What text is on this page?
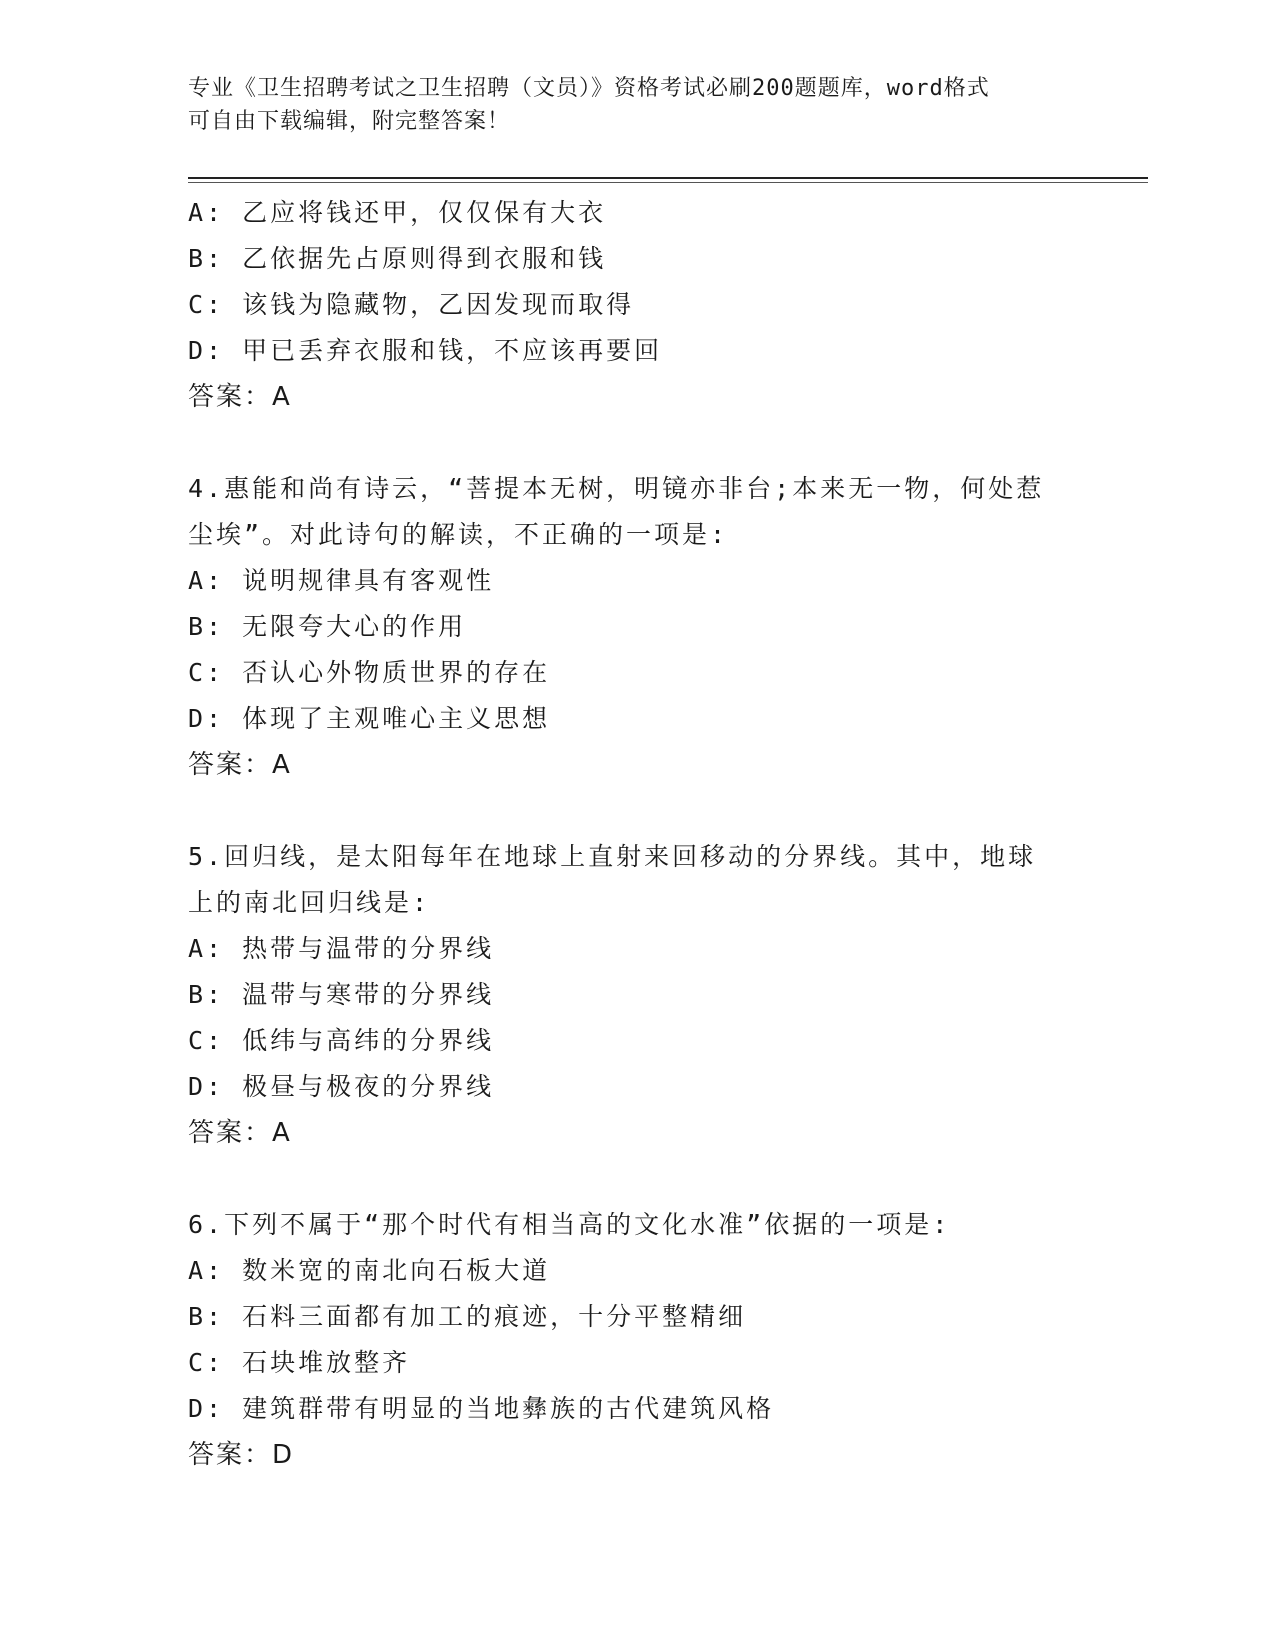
专业《卫生招聘考试之卫生招聘（文员）》资格考试必刷200题题库，word格式
可自由下载编辑，附完整答案！
A: 乙应将钱还甲，仅仅保有大衣
B: 乙依据先占原则得到衣服和钱
C: 该钱为隐藏物，乙因发现而取得
D: 甲已丢弃衣服和钱，不应该再要回
答案：A
4.惠能和尚有诗云，“菩提本无树，明镜亦非台;本来无一物，何处惹
尘埃”。对此诗句的解读，不正确的一项是:
A: 说明规律具有客观性
B: 无限夸大心的作用
C: 否认心外物质世界的存在
D: 体现了主观唯心主义思想
答案：A
5.回归线，是太阳每年在地球上直射来回移动的分界线。其中，地球
上的南北回归线是:
A: 热带与温带的分界线
B: 温带与寒带的分界线
C: 低纬与高纬的分界线
D: 极昼与极夜的分界线
答案：A
6.下列不属于“那个时代有相当高的文化水准”依据的一项是:
A: 数米宽的南北向石板大道
B: 石料三面都有加工的痕迹，十分平整精细
C: 石块堆放整齐
D: 建筑群带有明显的当地彝族的古代建筑风格
答案：D
